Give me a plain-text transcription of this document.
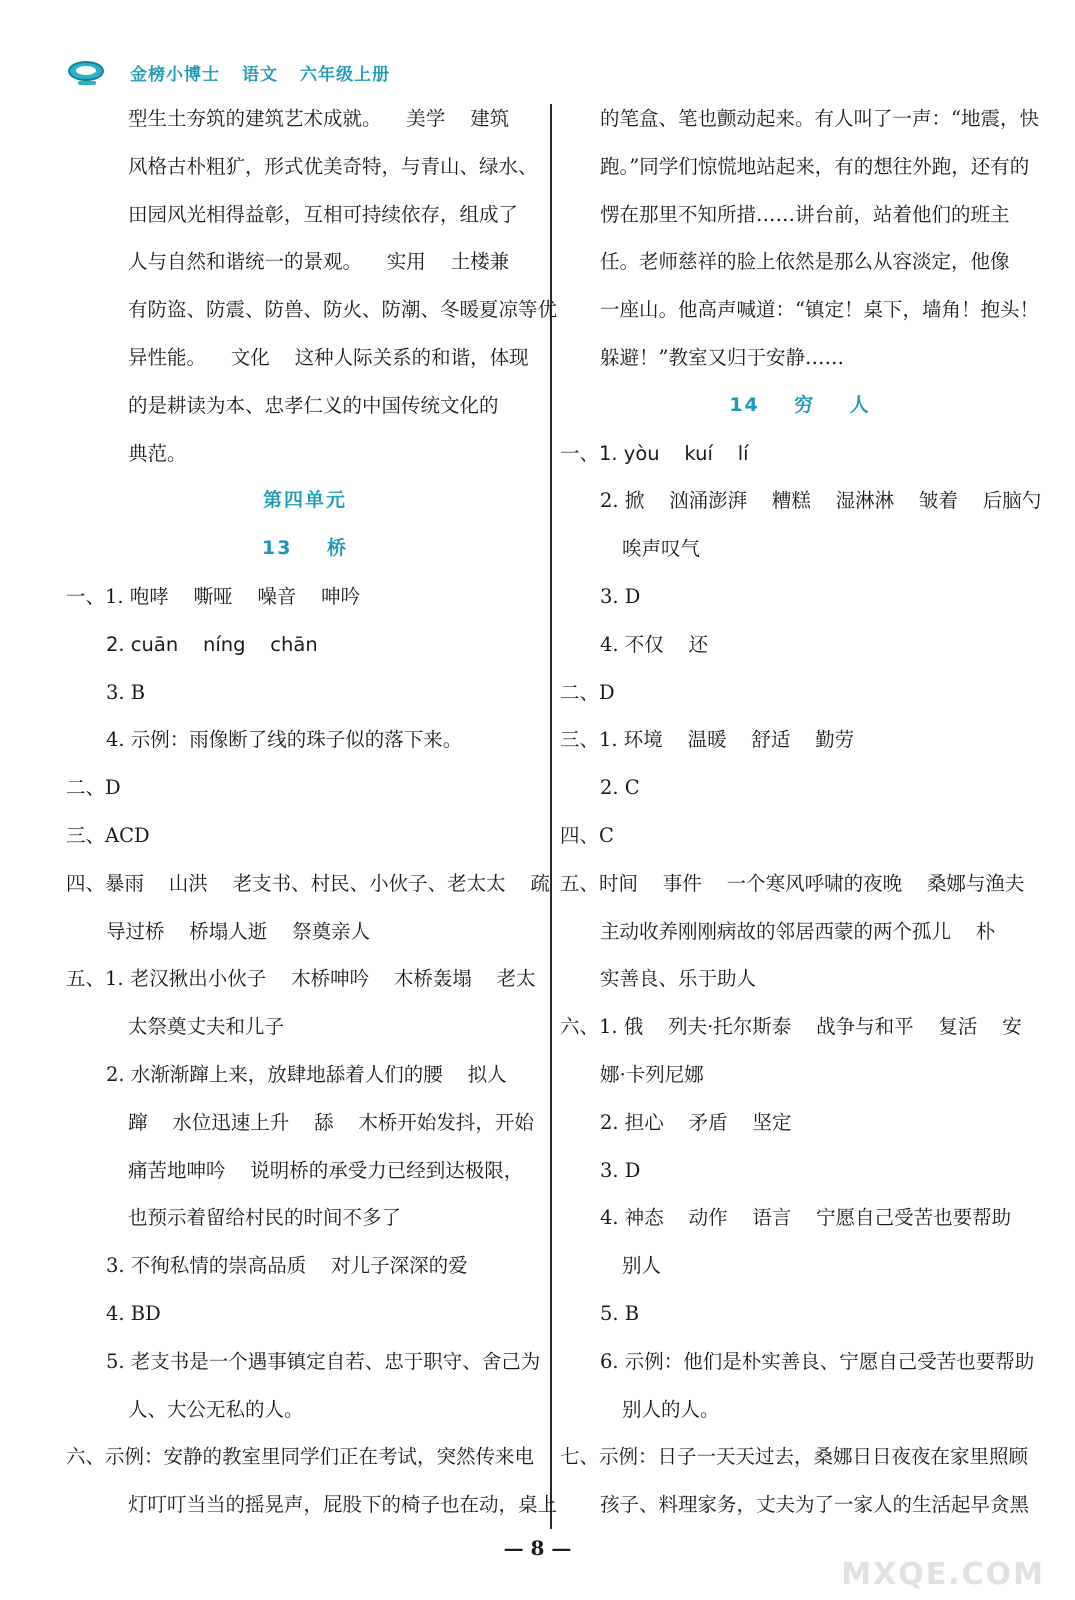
金榜小博士 语文 六年级上册
型生土夯筑的建筑艺术成就。    美学    建筑
风格古朴粗犷，形式优美奇特，与青山、绿水、
田园风光相得益彰，互相可持续依存，组成了
人与自然和谐统一的景观。    实用    土楼兼
有防盗、防震、防兽、防火、防潮、冬暖夏凉等优
异性能。    文化    这种人际关系的和谐，体现
的是耕读为本、忠孝仁义的中国传统文化的
典范。
第四单元
13    桥
一、1. 咆哮    嘶哑    噪音    呻吟
2. cuān    níng    chān
3. B
4. 示例：雨像断了线的珠子似的落下来。
二、D
三、ACD
四、暴雨    山洪    老支书、村民、小伙子、老太太    疏
导过桥    桥塌人逝    祭奠亲人
五、1. 老汉揪出小伙子    木桥呻吟    木桥轰塌    老太
太祭奠丈夫和儿子
2. 水渐渐蹿上来，放肆地舔着人们的腰    拟人
蹿    水位迅速上升    舔    木桥开始发抖，开始
痛苦地呻吟    说明桥的承受力已经到达极限，
也预示着留给村民的时间不多了
3. 不徇私情的崇高品质    对儿子深深的爱
4. BD
5. 老支书是一个遇事镇定自若、忠于职守、舍己为
人、大公无私的人。
六、示例：安静的教室里同学们正在考试，突然传来电
灯叮叮当当的摇晃声，屁股下的椅子也在动，桌上
的笔盒、笔也颤动起来。有人叫了一声：“地震，快
跑。”同学们惊慌地站起来，有的想往外跑，还有的
愣在那里不知所措……讲台前，站着他们的班主
任。老师慈祥的脸上依然是那么从容淡定，他像
一座山。他高声喊道：“镇定！桌下，墙角！抱头！
躲避！”教室又归于安静……
14    穷    人
一、1. yòu    kuí    lí
2. 掀    汹涌澎湃    糟糕    湿淋淋    皱着    后脑勺
唉声叹气
3. D
4. 不仅    还
二、D
三、1. 环境    温暖    舒适    勤劳
2. C
四、C
五、时间    事件    一个寒风呼啸的夜晚    桑娜与渔夫
主动收养刚刚病故的邻居西蒙的两个孤儿    朴
实善良、乐于助人
六、1. 俄    列夫·托尔斯泰    战争与和平    复活    安
娜·卡列尼娜
2. 担心    矛盾    坚定
3. D
4. 神态    动作    语言    宁愿自己受苦也要帮助
别人
5. B
6. 示例：他们是朴实善良、宁愿自己受苦也要帮助
别人的人。
七、示例：日子一天天过去，桑娜日日夜夜在家里照顾
孩子、料理家务，丈夫为了一家人的生活起早贪黑
— 8 —
MXQE.COM
